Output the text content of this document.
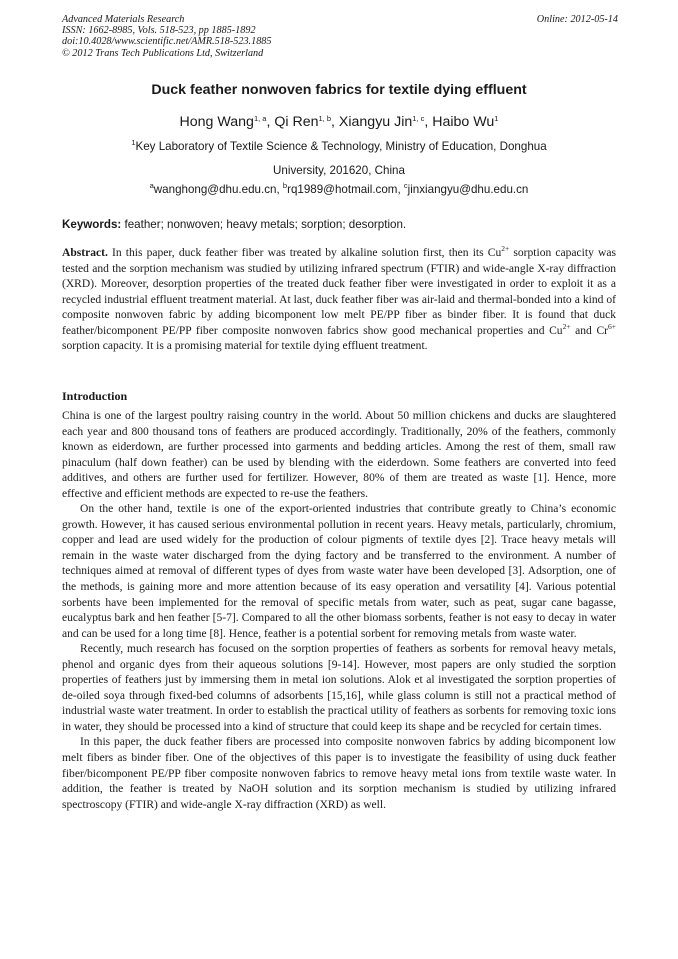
Advanced Materials Research
ISSN: 1662-8985, Vols. 518-523, pp 1885-1892
doi:10.4028/www.scientific.net/AMR.518-523.1885
© 2012 Trans Tech Publications Ltd, Switzerland
Online: 2012-05-14
Duck feather nonwoven fabrics for textile dying effluent
Hong Wang$^{1, a}$, Qi Ren$^{1, b}$, Xiangyu Jin$^{1, c}$, Haibo Wu$^1$
$^1$Key Laboratory of Textile Science & Technology, Ministry of Education, Donghua
University, 201620, China
$^a$wanghong@dhu.edu.cn, $^b$rq1989@hotmail.com, $^c$jinxiangyu@dhu.edu.cn
Keywords: feather; nonwoven; heavy metals; sorption; desorption.
Abstract. In this paper, duck feather fiber was treated by alkaline solution first, then its $Cu^{2+}$ sorption capacity was tested and the sorption mechanism was studied by utilizing infrared spectrum (FTIR) and wide-angle X-ray diffraction (XRD). Moreover, desorption properties of the treated duck feather fiber were investigated in order to exploit it as a recycled industrial effluent treatment material. At last, duck feather fiber was air-laid and thermal-bonded into a kind of composite nonwoven fabric by adding bicomponent low melt PE/PP fiber as binder fiber. It is found that duck feather/bicomponent PE/PP fiber composite nonwoven fabrics show good mechanical properties and $Cu^{2+}$ and $Cr^{6+}$ sorption capacity. It is a promising material for textile dying effluent treatment.
Introduction

China is one of the largest poultry raising country in the world. About 50 million chickens and ducks are slaughtered each year and 800 thousand tons of feathers are produced accordingly. Traditionally, 20% of the feathers, commonly known as eiderdown, are further processed into garments and bedding articles. Among the rest of them, small raw pinaculum (half down feather) can be used by blending with the eiderdown. Some feathers are converted into feed additives, and others are further used for fertilizer. However, 80% of them are treated as waste [1]. Hence, more effective and efficient methods are expected to re-use the feathers.

On the other hand, textile is one of the export-oriented industries that contribute greatly to China’s economic growth. However, it has caused serious environmental pollution in recent years. Heavy metals, particularly, chromium, copper and lead are used widely for the production of colour pigments of textile dyes [2]. Trace heavy metals will remain in the waste water discharged from the dying factory and be transferred to the environment. A number of techniques aimed at removal of different types of dyes from waste water have been developed [3]. Adsorption, one of the methods, is gaining more and more attention because of its easy operation and versatility [4]. Various potential sorbents have been implemented for the removal of specific metals from water, such as peat, sugar cane bagasse, eucalyptus bark and hen feather [5-7]. Compared to all the other biomass sorbents, feather is not easy to decay in water and can be used for a long time [8]. Hence, feather is a potential sorbent for removing metals from waste water.

Recently, much research has focused on the sorption properties of feathers as sorbents for removal heavy metals, phenol and organic dyes from their aqueous solutions [9-14]. However, most papers are only studied the sorption properties of feathers just by immersing them in metal ion solutions. Alok et al investigated the sorption properties of de-oiled soya through fixed-bed columns of adsorbents [15,16], while glass column is still not a practical method of industrial waste water treatment. In order to establish the practical utility of feathers as sorbents for removing toxic ions in water, they should be processed into a kind of structure that could keep its shape and be recycled for certain times.

In this paper, the duck feather fibers are processed into composite nonwoven fabrics by adding bicomponent low melt fibers as binder fiber. One of the objectives of this paper is to investigate the feasibility of using duck feather fiber/bicomponent PE/PP fiber composite nonwoven fabrics to remove heavy metal ions from textile waste water. In addition, the feather is treated by NaOH solution and its sorption mechanism is studied by utilizing infrared spectroscopy (FTIR) and wide-angle X-ray diffraction (XRD) as well.
